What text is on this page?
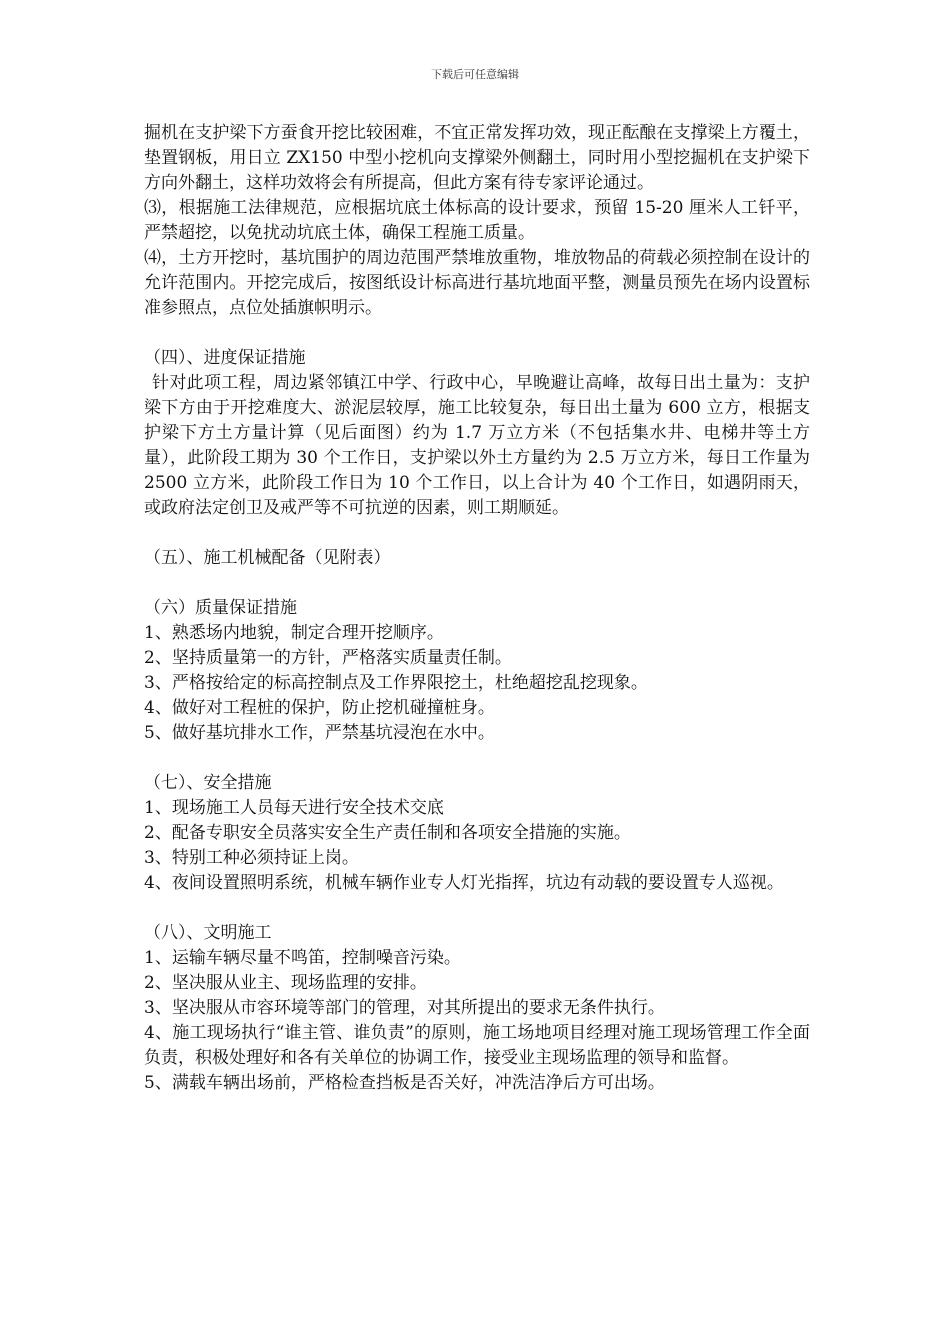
下载后可任意编辑
掘机在支护梁下方蚕食开挖比较困难，不宜正常发挥功效，现正酝酿在支撑梁上方覆土，垫置钢板，用日立 ZX150 中型小挖机向支撑梁外侧翻土，同时用小型挖掘机在支护梁下方向外翻土，这样功效将会有所提高，但此方案有待专家评论通过。
⑶，根据施工法律规范，应根据坑底土体标高的设计要求，预留 15-20 厘米人工钎平，严禁超挖，以免扰动坑底土体，确保工程施工质量。
⑷，土方开挖时，基坑围护的周边范围严禁堆放重物，堆放物品的荷载必须控制在设计的允许范围内。开挖完成后，按图纸设计标高进行基坑地面平整，测量员预先在场内设置标准参照点，点位处插旗帜明示。
（四）、进度保证措施
针对此项工程，周边紧邻镇江中学、行政中心，早晚避让高峰，故每日出土量为：支护梁下方由于开挖难度大、淤泥层较厚，施工比较复杂，每日出土量为 600 立方，根据支护梁下方土方量计算（见后面图）约为 1.7 万立方米（不包括集水井、电梯井等土方量），此阶段工期为 30 个工作日，支护梁以外土方量约为 2.5 万立方米，每日工作量为 2500 立方米，此阶段工作日为 10 个工作日，以上合计为 40 个工作日，如遇阴雨天，或政府法定创卫及戒严等不可抗逆的因素，则工期顺延。
（五）、施工机械配备（见附表）
（六）质量保证措施
1、熟悉场内地貌，制定合理开挖顺序。
2、坚持质量第一的方针，严格落实质量责任制。
3、严格按给定的标高控制点及工作界限挖土，杜绝超挖乱挖现象。
4、做好对工程桩的保护，防止挖机碰撞桩身。
5、做好基坑排水工作，严禁基坑浸泡在水中。
（七）、安全措施
1、现场施工人员每天进行安全技术交底
2、配备专职安全员落实安全生产责任制和各项安全措施的实施。
3、特别工种必须持证上岗。
4、夜间设置照明系统，机械车辆作业专人灯光指挥，坑边有动载的要设置专人巡视。
（八）、文明施工
1、运输车辆尽量不鸣笛，控制噪音污染。
2、坚决服从业主、现场监理的安排。
3、坚决服从市容环境等部门的管理，对其所提出的要求无条件执行。
4、施工现场执行“谁主管、谁负责”的原则，施工场地项目经理对施工现场管理工作全面负责，积极处理好和各有关单位的协调工作，接受业主现场监理的领导和监督。
5、满载车辆出场前，严格检查挡板是否关好，冲洗洁净后方可出场。
